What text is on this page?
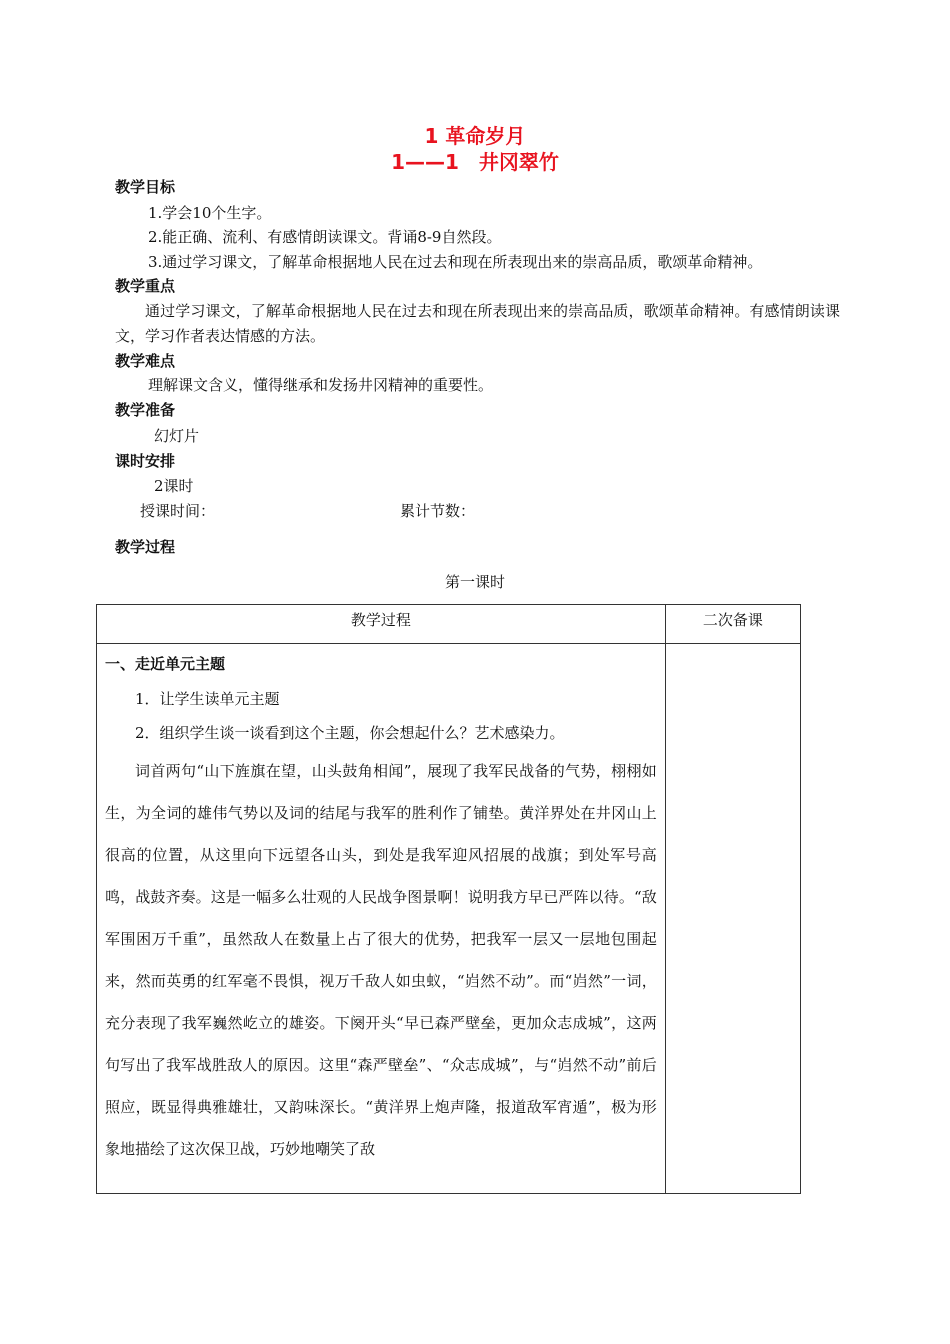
1 革命岁月
1——1　井冈翠竹
教学目标
1.学会10个生字。
2.能正确、流利、有感情朗读课文。背诵8-9自然段。
3.通过学习课文，了解革命根据地人民在过去和现在所表现出来的崇高品质，歌颂革命精神。
教学重点
通过学习课文，了解革命根据地人民在过去和现在所表现出来的崇高品质，歌颂革命精神。有感情朗读课文，学习作者表达情感的方法。
教学难点
理解课文含义，懂得继承和发扬井冈精神的重要性。
教学准备
幻灯片
课时安排
2课时
授课时间：	累计节数：
教学过程
第一课时
教学过程	二次备课

一、走近单元主题
1．让学生读单元主题
2．组织学生谈一谈看到这个主题，你会想起什么？艺术感染力。

词首两句“山下旌旗在望，山头鼓角相闻”，展现了我军民战备的气势，栩栩如生，为全词的雄伟气势以及词的结尾与我军的胜利作了铺垫。黄洋界处在井冈山上很高的位置，从这里向下远望各山头，到处是我军迎风招展的战旗；到处军号高鸣，战鼓齐奏。这是一幅多么壮观的人民战争图景啊！说明我方早已严阵以待。“敌军围困万千重”，虽然敌人在数量上占了很大的优势，把我军一层又一层地包围起来，然而英勇的红军毫不畏惧，视万千敌人如虫蚁，“岿然不动”。而“岿然”一词，充分表现了我军巍然屹立的雄姿。下阕开头“早已森严壁垒，更加众志成城”，这两句写出了我军战胜敌人的原因。这里“森严壁垒”、“众志成城”，与“岿然不动”前后照应，既显得典雅雄壮，又韵味深长。“黄洋界上炮声隆，报道敌军宵遁”，极为形象地描绘了这次保卫战，巧妙地嘲笑了敌	
